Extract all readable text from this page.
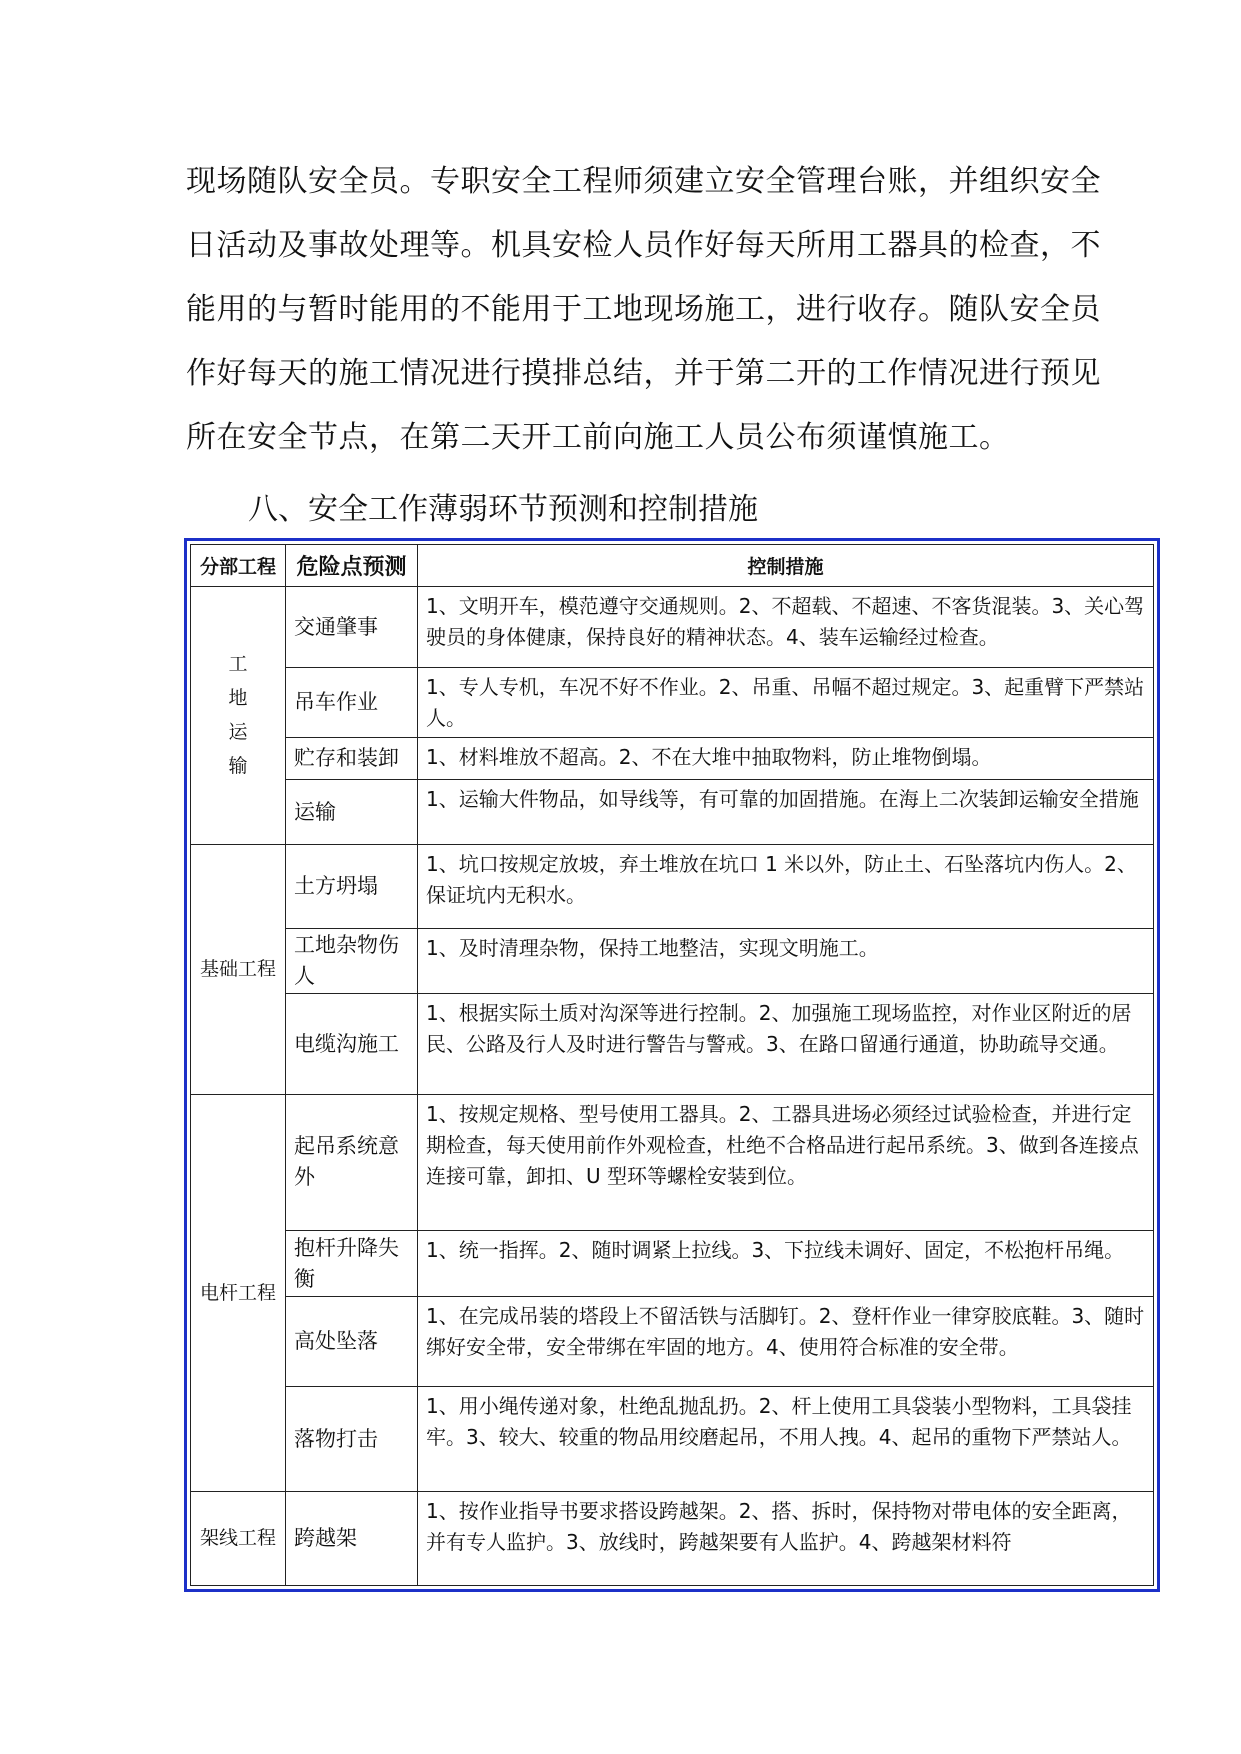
现场随队安全员。专职安全工程师须建立安全管理台账，并组织安全
日活动及事故处理等。机具安检人员作好每天所用工器具的检查，不
能用的与暂时能用的不能用于工地现场施工，进行收存。随队安全员
作好每天的施工情况进行摸排总结，并于第二开的工作情况进行预见
所在安全节点，在第二天开工前向施工人员公布须谨慎施工。
八、安全工作薄弱环节预测和控制措施
分部工程	危险点预测	控制措施

工
地
运
输	交通肇事	1、文明开车，模范遵守交通规则。2、不超载、不超速、不客货混装。3、关心驾驶员的身体健康，保持良好的精神状态。4、装车运输经过检查。
	吊车作业	1、专人专机，车况不好不作业。2、吊重、吊幅不超过规定。3、起重臂下严禁站人。
	贮存和装卸	1、材料堆放不超高。2、不在大堆中抽取物料，防止堆物倒塌。
	运输	1、运输大件物品，如导线等，有可靠的加固措施。在海上二次装卸运输安全措施
基础工程	土方坍塌	1、坑口按规定放坡，弃土堆放在坑口 1 米以外，防止土、石坠落坑内伤人。2、保证坑内无积水。
	工地杂物伤人	1、及时清理杂物，保持工地整洁，实现文明施工。
	电缆沟施工	1、根据实际土质对沟深等进行控制。2、加强施工现场监控，对作业区附近的居民、公路及行人及时进行警告与警戒。3、在路口留通行通道，协助疏导交通。
电杆工程	起吊系统意外	1、按规定规格、型号使用工器具。2、工器具进场必须经过试验检查，并进行定期检查，每天使用前作外观检查，杜绝不合格品进行起吊系统。3、做到各连接点连接可靠，卸扣、U 型环等螺栓安装到位。
	抱杆升降失衡	1、统一指挥。2、随时调紧上拉线。3、下拉线未调好、固定，不松抱杆吊绳。
	高处坠落	1、在完成吊装的塔段上不留活铁与活脚钉。2、登杆作业一律穿胶底鞋。3、随时绑好安全带，安全带绑在牢固的地方。4、使用符合标准的安全带。
	落物打击	1、用小绳传递对象，杜绝乱抛乱扔。2、杆上使用工具袋装小型物料，工具袋挂牢。3、较大、较重的物品用绞磨起吊，不用人拽。4、起吊的重物下严禁站人。
架线工程	跨越架	1、按作业指导书要求搭设跨越架。2、搭、拆时，保持物对带电体的安全距离，并有专人监护。3、放线时，跨越架要有人监护。4、跨越架材料符
